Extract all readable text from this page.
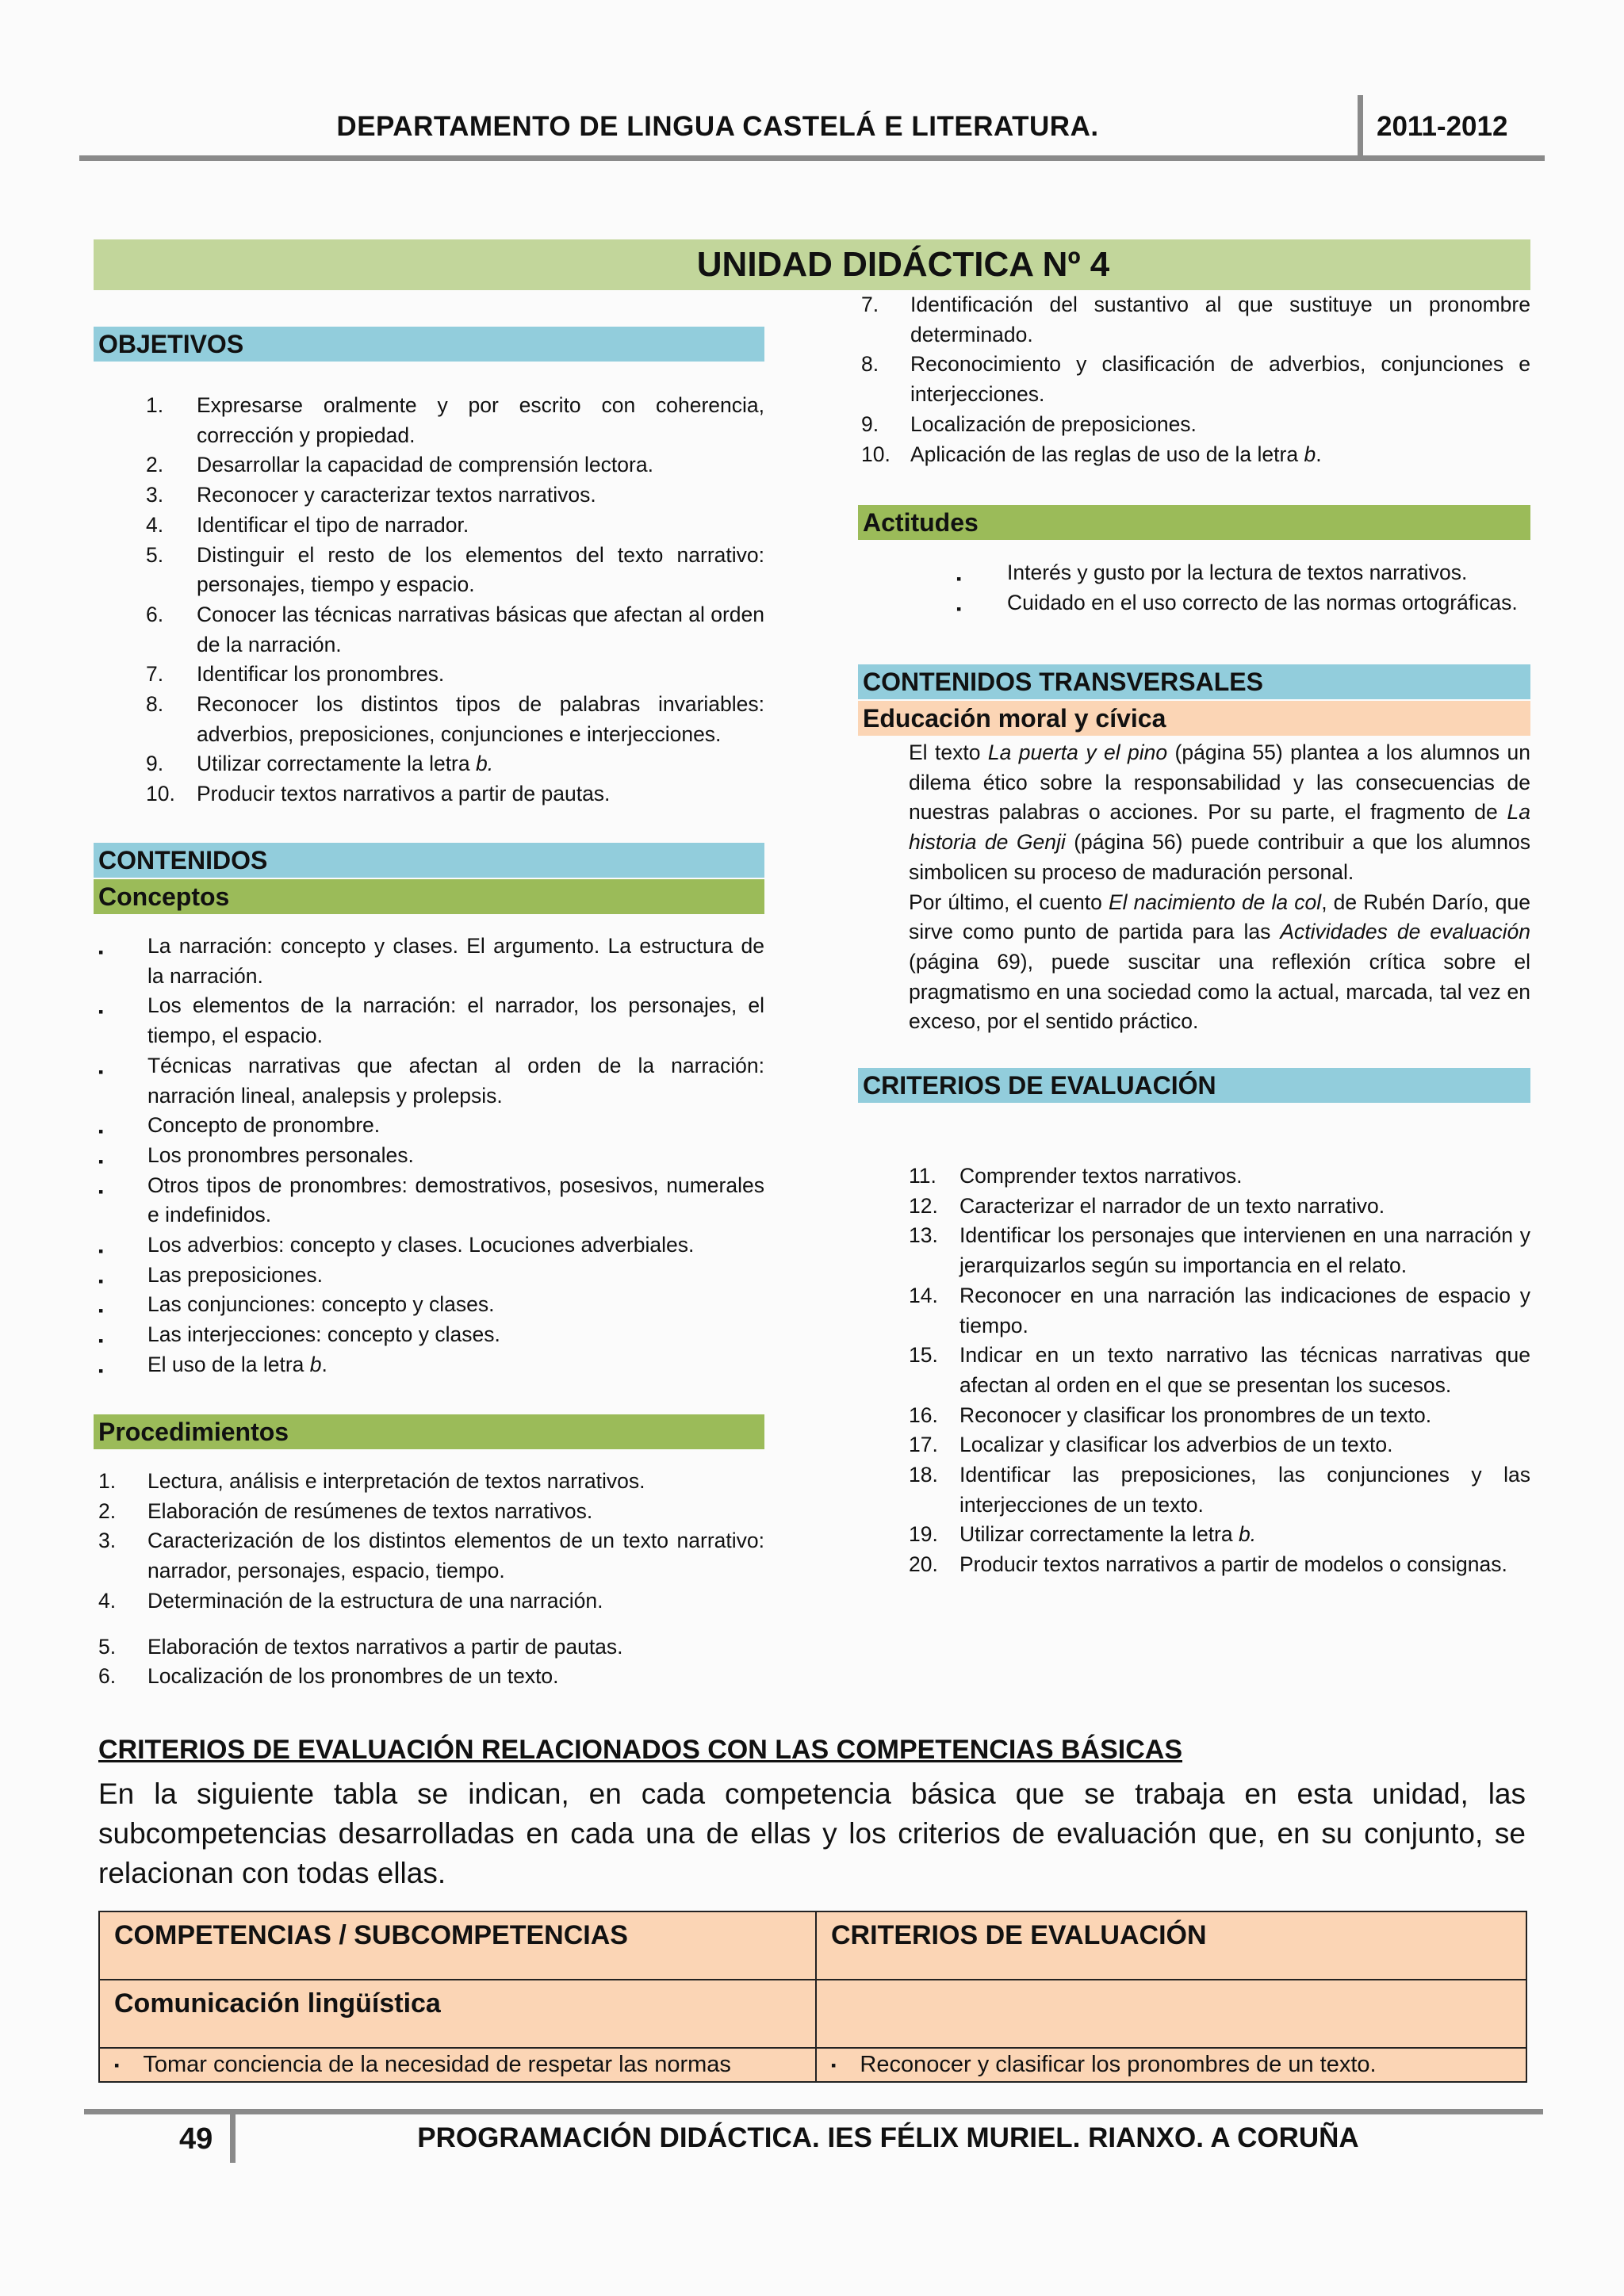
DEPARTAMENTO DE LINGUA CASTELÁ E LITERATURA.	2011-2012
UNIDAD DIDÁCTICA Nº 4
OBJETIVOS
1. Expresarse oralmente y por escrito con coherencia, corrección y propiedad.
2. Desarrollar la capacidad de comprensión lectora.
3. Reconocer y caracterizar textos narrativos.
4. Identificar el tipo de narrador.
5. Distinguir el resto de los elementos del texto narrativo: personajes, tiempo y espacio.
6. Conocer las técnicas narrativas básicas que afectan al orden de la narración.
7. Identificar los pronombres.
8. Reconocer los distintos tipos de palabras invariables: adverbios, preposiciones, conjunciones e interjecciones.
9. Utilizar correctamente la letra b.
10. Producir textos narrativos a partir de pautas.
CONTENIDOS
Conceptos
▪ La narración: concepto y clases. El argumento. La estructura de la narración.
▪ Los elementos de la narración: el narrador, los personajes, el tiempo, el espacio.
▪ Técnicas narrativas que afectan al orden de la narración: narración lineal, analepsis y prolepsis.
▪ Concepto de pronombre.
▪ Los pronombres personales.
▪ Otros tipos de pronombres: demostrativos, posesivos, numerales e indefinidos.
▪ Los adverbios: concepto y clases. Locuciones adverbiales.
▪ Las preposiciones.
▪ Las conjunciones: concepto y clases.
▪ Las interjecciones: concepto y clases.
▪ El uso de la letra b.
Procedimientos
1. Lectura, análisis e interpretación de textos narrativos.
2. Elaboración de resúmenes de textos narrativos.
3. Caracterización de los distintos elementos de un texto narrativo: narrador, personajes, espacio, tiempo.
4. Determinación de la estructura de una narración.
5. Elaboración de textos narrativos a partir de pautas.
6. Localización de los pronombres de un texto.
7. Identificación del sustantivo al que sustituye un pronombre determinado.
8. Reconocimiento y clasificación de adverbios, conjunciones e interjecciones.
9. Localización de preposiciones.
10. Aplicación de las reglas de uso de la letra b.
Actitudes
▪ Interés y gusto por la lectura de textos narrativos.
▪ Cuidado en el uso correcto de las normas ortográficas.
CONTENIDOS TRANSVERSALES
Educación moral y cívica
El texto La puerta y el pino (página 55) plantea a los alumnos un dilema ético sobre la responsabilidad y las consecuencias de nuestras palabras o acciones. Por su parte, el fragmento de La historia de Genji (página 56) puede contribuir a que los alumnos simbolicen su proceso de maduración personal.
Por último, el cuento El nacimiento de la col, de Rubén Darío, que sirve como punto de partida para las Actividades de evaluación (página 69), puede suscitar una reflexión crítica sobre el pragmatismo en una sociedad como la actual, marcada, tal vez en exceso, por el sentido práctico.
CRITERIOS DE EVALUACIÓN
11. Comprender textos narrativos.
12. Caracterizar el narrador de un texto narrativo.
13. Identificar los personajes que intervienen en una narración y jerarquizarlos según su importancia en el relato.
14. Reconocer en una narración las indicaciones de espacio y tiempo.
15. Indicar en un texto narrativo las técnicas narrativas que afectan al orden en el que se presentan los sucesos.
16. Reconocer y clasificar los pronombres de un texto.
17. Localizar y clasificar los adverbios de un texto.
18. Identificar las preposiciones, las conjunciones y las interjecciones de un texto.
19. Utilizar correctamente la letra b.
20. Producir textos narrativos a partir de modelos o consignas.
CRITERIOS DE EVALUACIÓN RELACIONADOS CON LAS COMPETENCIAS BÁSICAS
En la siguiente tabla se indican, en cada competencia básica que se trabaja en esta unidad, las subcompetencias desarrolladas en cada una de ellas y los criterios de evaluación que, en su conjunto, se relacionan con todas ellas.
COMPETENCIAS / SUBCOMPETENCIAS	CRITERIOS DE EVALUACIÓN
Comunicación lingüística	
▪ Tomar conciencia de la necesidad de respetar las normas	▪ Reconocer y clasificar los pronombres de un texto.
49	PROGRAMACIÓN DIDÁCTICA. IES FÉLIX MURIEL. RIANXO. A CORUÑA
